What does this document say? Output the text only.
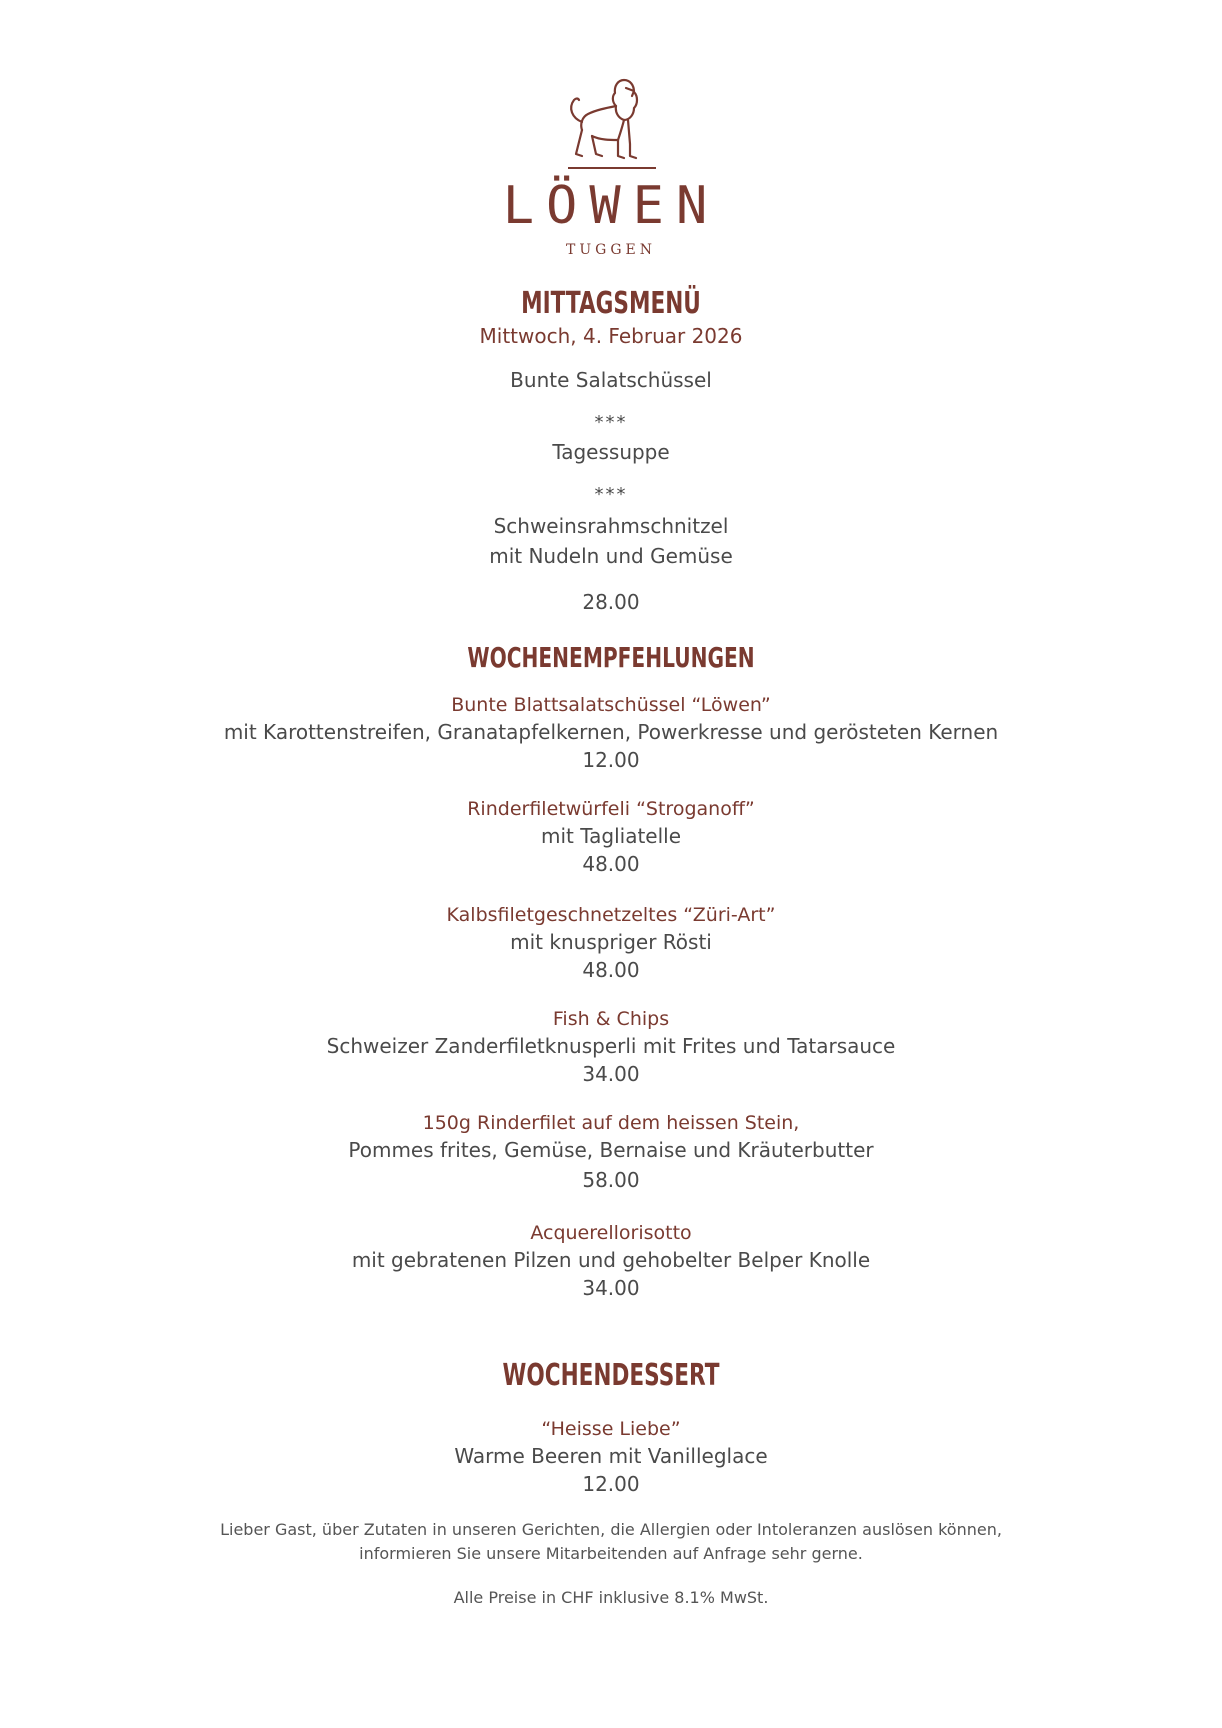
LÖWEN
TUGGEN
MITTAGSMENÜ
Mittwoch, 4. Februar 2026
Bunte Salatschüssel
***
Tagessuppe
***
Schweinsrahmschnitzel
mit Nudeln und Gemüse
28.00
WOCHENEMPFEHLUNGEN
Bunte Blattsalatschüssel “Löwen”
mit Karottenstreifen, Granatapfelkernen, Powerkresse und gerösteten Kernen
12.00
Rinderfiletwürfeli “Stroganoff”
mit Tagliatelle
48.00
Kalbsfiletgeschnetzeltes “Züri-Art”
mit knuspriger Rösti
48.00
Fish & Chips
Schweizer Zanderfiletknusperli mit Frites und Tatarsauce
34.00
150g Rinderfilet auf dem heissen Stein,
Pommes frites, Gemüse, Bernaise und Kräuterbutter
58.00
Acquerellorisotto
mit gebratenen Pilzen und gehobelter Belper Knolle
34.00
WOCHENDESSERT
“Heisse Liebe”
Warme Beeren mit Vanilleglace
12.00
Lieber Gast, über Zutaten in unseren Gerichten, die Allergien oder Intoleranzen auslösen können,
informieren Sie unsere Mitarbeitenden auf Anfrage sehr gerne.
Alle Preise in CHF inklusive 8.1% MwSt.
